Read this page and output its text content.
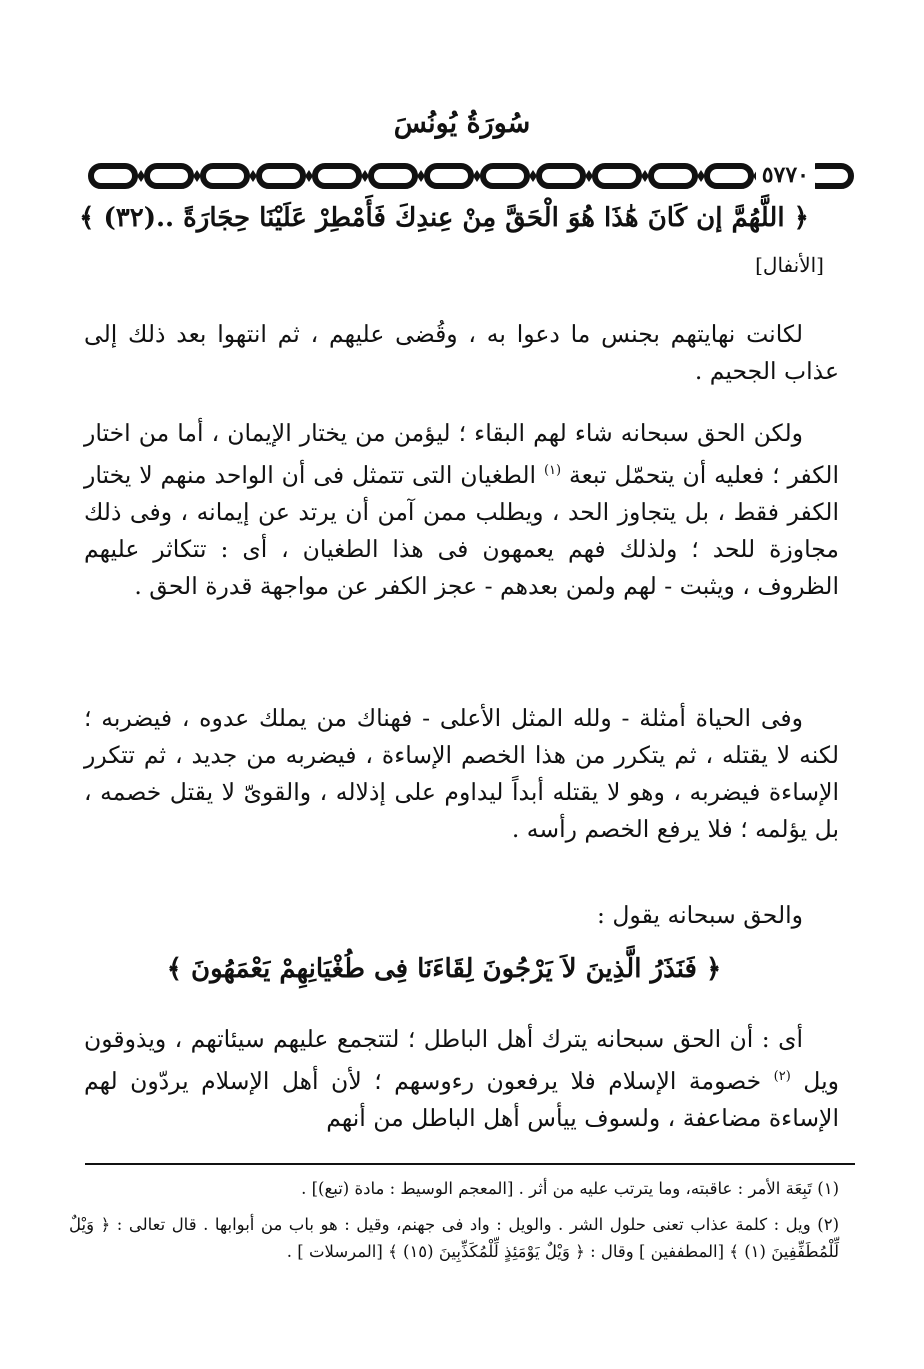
سُورَةُ يُونُسَ
٥٧٧٠
﴿ اللَّهُمَّ إن كَانَ هَٰذَا هُوَ الْحَقَّ مِنْ عِندِكَ فَأَمْطِرْ عَلَيْنَا حِجَارَةً ..(٣٢) ﴾
[الأنفال]
لكانت نهايتهم بجنس ما دعوا به ، وقُضى عليهم ، ثم انتهوا بعد ذلك إلى عذاب الجحيم .
ولكن الحق سبحانه شاء لهم البقاء ؛ ليؤمن من يختار الإيمان ، أما من اختار الكفر ؛ فعليه أن يتحمّل تبعة $^{(١)}$ الطغيان التى تتمثل فى أن الواحد منهم لا يختار الكفر فقط ، بل يتجاوز الحد ، ويطلب ممن آمن أن يرتد عن إيمانه ، وفى ذلك مجاوزة للحد ؛ ولذلك فهم يعمهون فى هذا الطغيان ، أى : تتكاثر عليهم الظروف ، ويثبت - لهم ولمن بعدهم - عجز الكفر عن مواجهة قدرة الحق .
وفى الحياة أمثلة - ولله المثل الأعلى - فهناك من يملك عدوه ، فيضربه ؛ لكنه لا يقتله ، ثم يتكرر من هذا الخصم الإساءة ، فيضربه من جديد ، ثم تتكرر الإساءة فيضربه ، وهو لا يقتله أبداً ليداوم على إذلاله ، والقوىّ لا يقتل خصمه ، بل يؤلمه ؛ فلا يرفع الخصم رأسه .
والحق سبحانه يقول :
﴿ فَنَذَرُ الَّذِينَ لاَ يَرْجُونَ لِقَاءَنَا فِى طُغْيَانِهِمْ يَعْمَهُونَ ﴾
أى : أن الحق سبحانه يترك أهل الباطل ؛ لتتجمع عليهم سيئاتهم ، ويذوقون ويل $^{(٢)}$ خصومة الإسلام فلا يرفعون رءوسهم ؛ لأن أهل الإسلام يردّون لهم الإساءة مضاعفة ، ولسوف ييأس أهل الباطل من أنهم
(١) تَبِعَة الأمر : عاقبته، وما يترتب عليه من أثر . [المعجم الوسيط : مادة (تبع)] .
(٢) ويل : كلمة عذاب تعنى حلول الشر . والويل : واد فى جهنم، وقيل : هو باب من أبوابها . قال تعالى : ﴿ وَيْلٌ لِّلْمُطَفِّفِينَ (١) ﴾ [المطففين ] وقال : ﴿ وَيْلٌ يَوْمَئِذٍ لِّلْمُكَذِّبِينَ (١٥) ﴾ [المرسلات ] .
